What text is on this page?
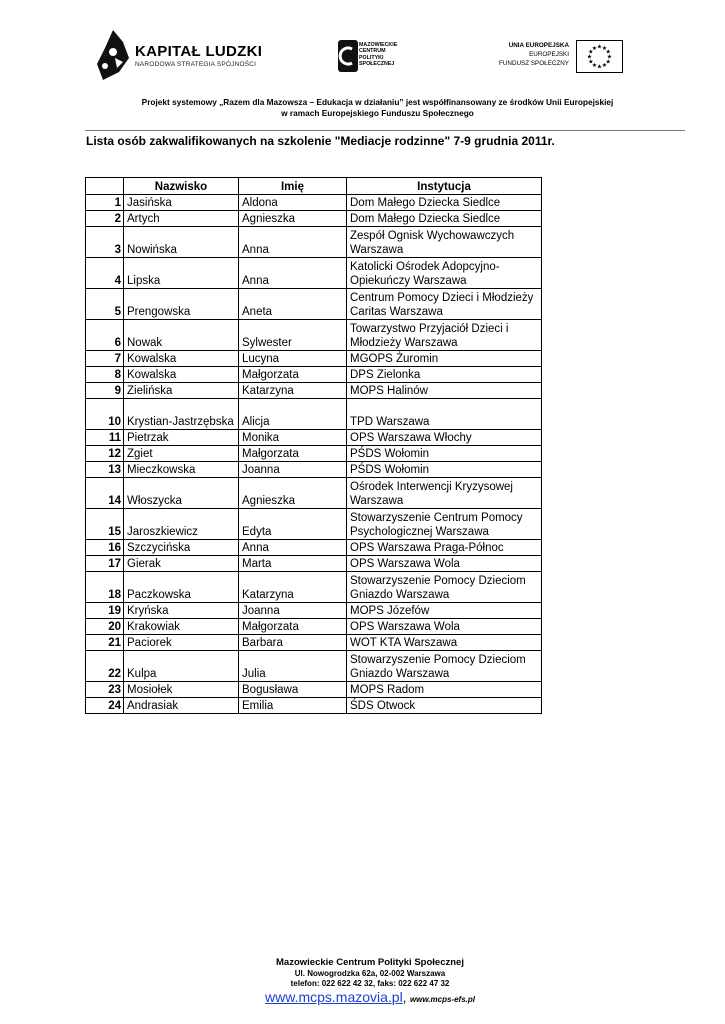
KAPITAŁ LUDZKI
NARODOWA STRATEGIA SPÓJNOŚCI
MAZOWIECKIE
CENTRUM
POLITYKI
SPOŁECZNEJ
UNIA EUROPEJSKA
EUROPEJSKI
FUNDUSZ SPOŁECZNY
★
★
★
★
★
★
★
★
★ ★ ★
★
Projekt systemowy „Razem dla Mazowsza – Edukacja w działaniu” jest współfinansowany ze środków Unii Europejskiej
w ramach Europejskiego Funduszu Społecznego
Lista osób zakwalifikowanych na szkolenie "Mediacje rodzinne" 7-9 grudnia 2011r.
	Nazwisko	Imię	Instytucja
1	Jasińska	Aldona	Dom Małego Dziecka Siedlce
2	Artych	Agnieszka	Dom Małego Dziecka Siedlce
3	Nowińska	Anna	Zespół Ognisk Wychowawczych Warszawa
4	Lipska	Anna	Katolicki Ośrodek Adopcyjno-Opiekuńczy Warszawa
5	Prengowska	Aneta	Centrum Pomocy Dzieci i Młodzieży Caritas Warszawa
6	Nowak	Sylwester	Towarzystwo Przyjaciół Dzieci i Młodzieży Warszawa
7	Kowalska	Lucyna	MGOPS Żuromin
8	Kowalska	Małgorzata	DPS Zielonka
9	Zielińska	Katarzyna	MOPS Halinów
10	Krystian-Jastrzębska	Alicja	TPD Warszawa
11	Pietrzak	Monika	OPS Warszawa Włochy
12	Zgiet	Małgorzata	PŚDS Wołomin
13	Mieczkowska	Joanna	PŚDS Wołomin
14	Włoszycka	Agnieszka	Ośrodek Interwencji Kryzysowej Warszawa
15	Jaroszkiewicz	Edyta	Stowarzyszenie Centrum Pomocy Psychologicznej Warszawa
16	Szczycińska	Anna	OPS Warszawa Praga-Północ
17	Gierak	Marta	OPS Warszawa Wola
18	Paczkowska	Katarzyna	Stowarzyszenie Pomocy Dzieciom Gniazdo Warszawa
19	Kryńska	Joanna	MOPS Józefów
20	Krakowiak	Małgorzata	OPS Warszawa Wola
21	Paciorek	Barbara	WOT KTA Warszawa
22	Kulpa	Julia	Stowarzyszenie Pomocy Dzieciom Gniazdo Warszawa
23	Mosiołek	Bogusława	MOPS Radom
24	Andrasiak	Emilia	ŚDS Otwock
Mazowieckie Centrum Polityki Społecznej
Ul. Nowogrodzka 62a, 02-002 Warszawa
telefon: 022 622 42 32, faks: 022 622 47 32
www.mcps.mazovia.pl, www.mcps-efs.pl
